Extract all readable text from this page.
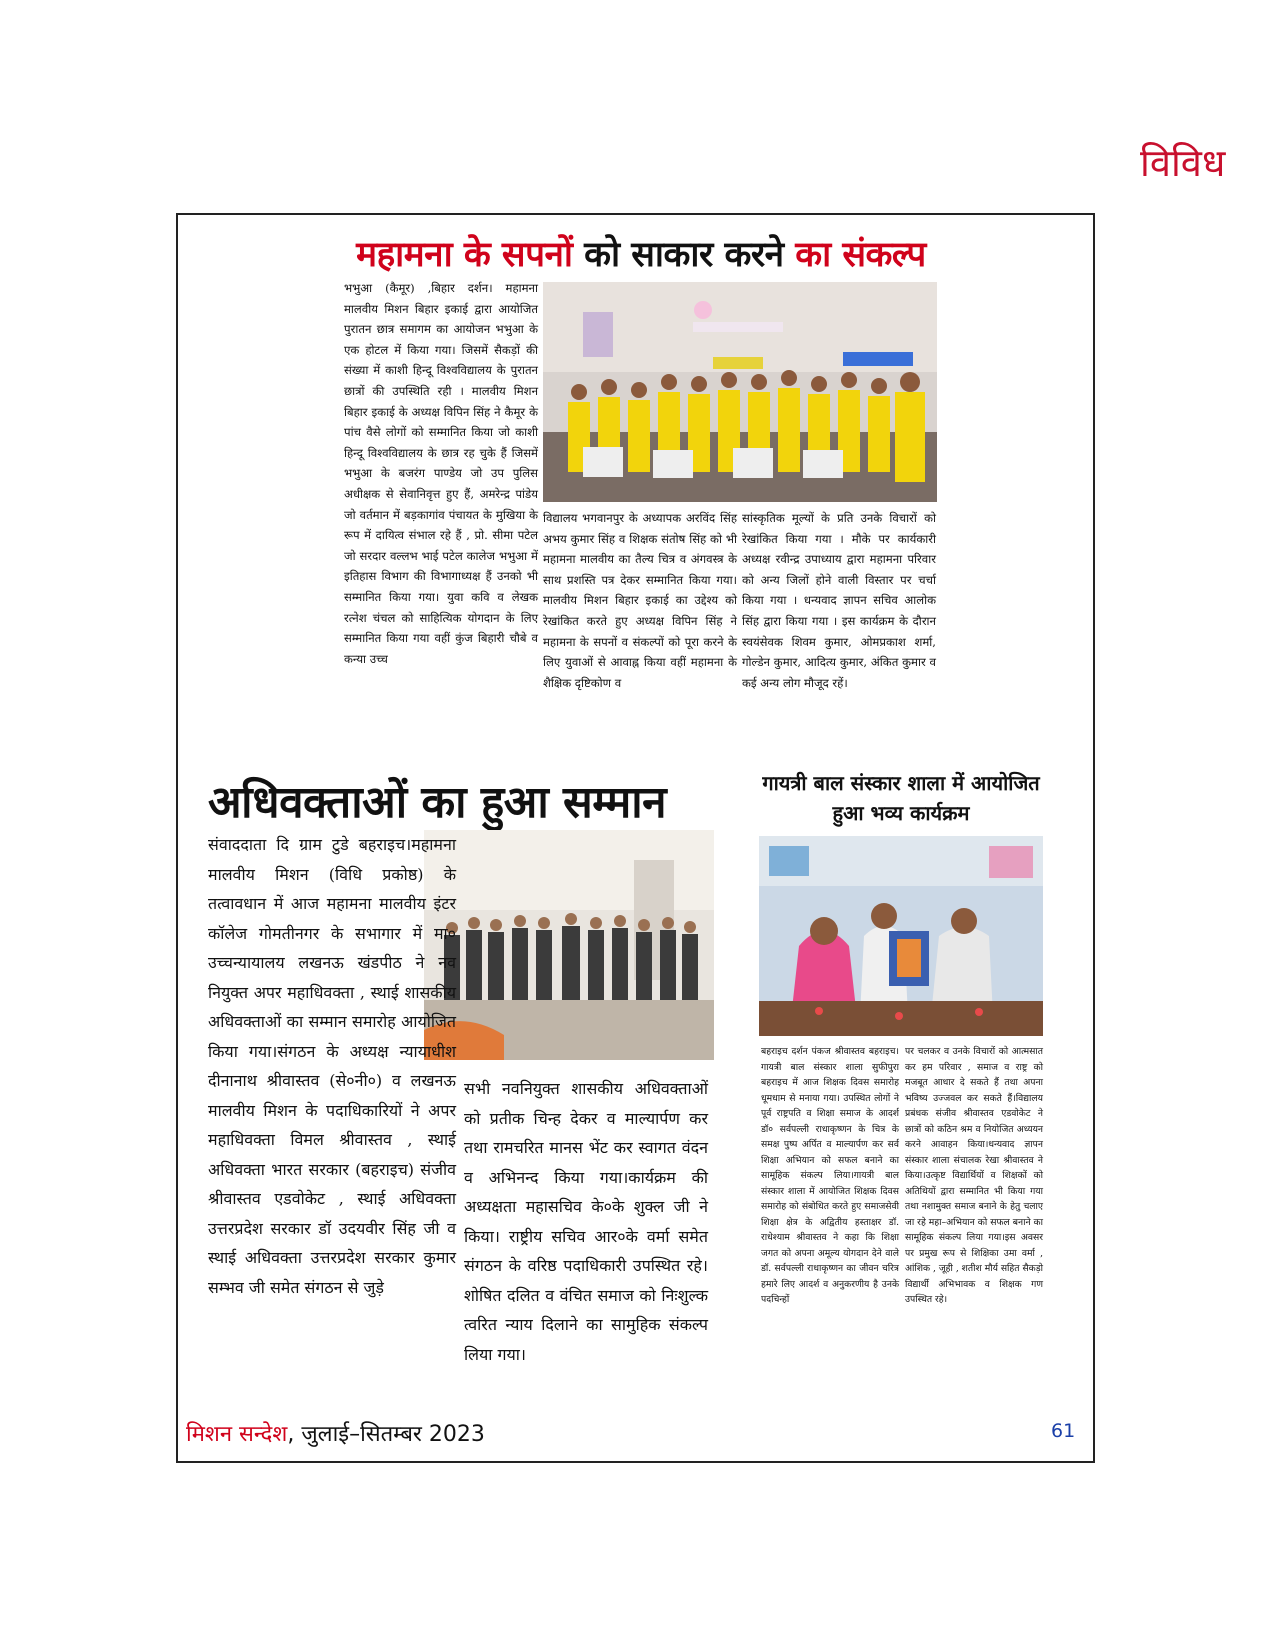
विविध
महामना के सपनों को साकार करने का संकल्प
भभुआ (कैमूर) ,बिहार दर्शन। महामना मालवीय मिशन बिहार इकाई द्वारा आयोजित पुरातन छात्र समागम का आयोजन भभुआ के एक होटल में किया गया। जिसमें सैकड़ों की संख्या में काशी हिन्दू विश्वविद्यालय के पुरातन छात्रों की उपस्थिति रही । मालवीय मिशन बिहार इकाई के अध्यक्ष विपिन सिंह ने कैमूर के पांच वैसे लोगों को सम्मानित किया जो काशी हिन्दू विश्वविद्यालय के छात्र रह चुके हैं जिसमें भभुआ के बजरंग पाण्डेय जो उप पुलिस अधीक्षक से सेवानिवृत्त हुए हैं, अमरेन्द्र पांडेय जो वर्तमान में बड़कागांव पंचायत के मुखिया के रूप में दायित्व संभाल रहे हैं , प्रो. सीमा पटेल जो सरदार वल्लभ भाई पटेल कालेज भभुआ में इतिहास विभाग की विभागाध्यक्ष हैं उनको भी सम्मानित किया गया। युवा कवि व लेखक रत्नेश चंचल को साहित्यिक योगदान के लिए सम्मानित किया गया वहीं कुंज बिहारी चौबे व कन्या उच्च
विद्यालय भगवानपुर के अध्यापक अरविंद सिंह अभय कुमार सिंह व शिक्षक संतोष सिंह को भी महामना मालवीय का तैल्य चित्र व अंगवस्त्र के साथ प्रशस्ति पत्र देकर सम्मानित किया गया। मालवीय मिशन बिहार इकाई का उद्देश्य को रेखांकित करते हुए अध्यक्ष विपिन सिंह ने महामना के सपनों व संकल्पों को पूरा करने के लिए युवाओं से आवाह्न किया वहीं महामना के शैक्षिक दृष्टिकोण व
सांस्कृतिक मूल्यों के प्रति उनके विचारों को रेखांकित किया गया । मौके पर कार्यकारी अध्यक्ष रवीन्द्र उपाध्याय द्वारा महामना परिवार को अन्य जिलों होने वाली विस्तार पर चर्चा किया गया । धन्यवाद ज्ञापन सचिव आलोक सिंह द्वारा किया गया । इस कार्यक्रम के दौरान स्वयंसेवक शिवम कुमार, ओमप्रकाश शर्मा, गोल्डेन कुमार, आदित्य कुमार, अंकित कुमार व कई अन्य लोग मौजूद रहें।
अधिवक्ताओं का हुआ सम्मान
संवाददाता दि ग्राम टुडे बहराइच।महामना मालवीय मिशन (विधि प्रकोष्ठ) के तत्वावधान में आज महामना मालवीय इंटर कॉलेज गोमतीनगर के सभागार में मा० उच्चन्यायालय लखनऊ खंडपीठ ने नव नियुक्त अपर महाधिवक्ता , स्थाई शासकीय अधिवक्ताओं का सम्मान समारोह आयोजित किया गया।संगठन के अध्यक्ष न्यायाधीश दीनानाथ श्रीवास्तव (से०नी०) व लखनऊ मालवीय मिशन के पदाधिकारियों ने अपर महाधिवक्ता विमल श्रीवास्तव , स्थाई अधिवक्ता भारत सरकार (बहराइच) संजीव श्रीवास्तव एडवोकेट , स्थाई अधिवक्ता उत्तरप्रदेश सरकार डॉ उदयवीर सिंह जी व स्थाई अधिवक्ता उत्तरप्रदेश सरकार कुमार सम्भव जी समेत संगठन से जुड़े
सभी नवनियुक्त शासकीय अधिवक्ताओं को प्रतीक चिन्ह देकर व माल्यार्पण कर तथा रामचरित मानस भेंट कर स्वागत वंदन व अभिनन्द किया गया।कार्यक्रम की अध्यक्षता महासचिव के०के शुक्ल जी ने किया। राष्ट्रीय सचिव आर०के वर्मा समेत संगठन के वरिष्ठ पदाधिकारी उपस्थित रहे।शोषित दलित व वंचित समाज को निःशुल्क त्वरित न्याय दिलाने का सामुहिक संकल्प लिया गया।
गायत्री बाल संस्कार शाला में आयोजित हुआ भव्य कार्यक्रम
बहराइच दर्शन पंकज श्रीवास्तव बहराइच। गायत्री बाल संस्कार शाला सुफीपुरा बहराइच में आज शिक्षक दिवस समारोह धूमधाम से मनाया गया। उपस्थित लोगों ने पूर्व राष्ट्रपति व शिक्षा समाज के आदर्श डॉ० सर्वपल्ली राधाकृष्णन के चित्र के समक्ष पुष्प अर्पित व माल्यार्पण कर सर्व शिक्षा अभियान को सफल बनाने का सामूहिक संकल्प लिया।गायत्री बाल संस्कार शाला में आयोजित शिक्षक दिवस समारोह को संबोधित करते हुए समाजसेवी शिक्षा क्षेत्र के अद्वितीय हस्ताक्षर डॉ. राधेश्याम श्रीवास्तव ने कहा कि शिक्षा जगत को अपना अमूल्य योगदान देने वाले डॉ. सर्वपल्ली राधाकृष्णन का जीवन चरित्र हमारे लिए आदर्श व अनुकरणीय है उनके पदचिन्हों
पर चलकर व उनके विचारों को आत्मसात कर हम परिवार , समाज व राष्ट्र को मजबूत आधार दे सकते हैं तथा अपना भविष्य उज्जवल कर सकते हैं।विद्यालय प्रबंधक संजीव श्रीवास्तव एडवोकेट ने छात्रों को कठिन श्रम व नियोजित अध्ययन करने आवाहन किया।धन्यवाद ज्ञापन संस्कार शाला संचालक रेखा श्रीवास्तव ने किया।उत्कृष्ट विद्यार्थियों व शिक्षकों को अतिथियों द्वारा सम्मानित भी किया गया तथा नशामुक्त समाज बनाने के हेतु चलाए जा रहे महा–अभियान को सफल बनाने का सामूहिक संकल्प लिया गया।इस अवसर पर प्रमुख रूप से शिक्षिका उमा वर्मा , आंशिक , जूही , शतीश मौर्य सहित सैकड़ो विद्यार्थी अभिभावक व शिक्षक गण उपस्थित रहे।
मिशन सन्देश, जुलाई–सितम्बर 2023	61
